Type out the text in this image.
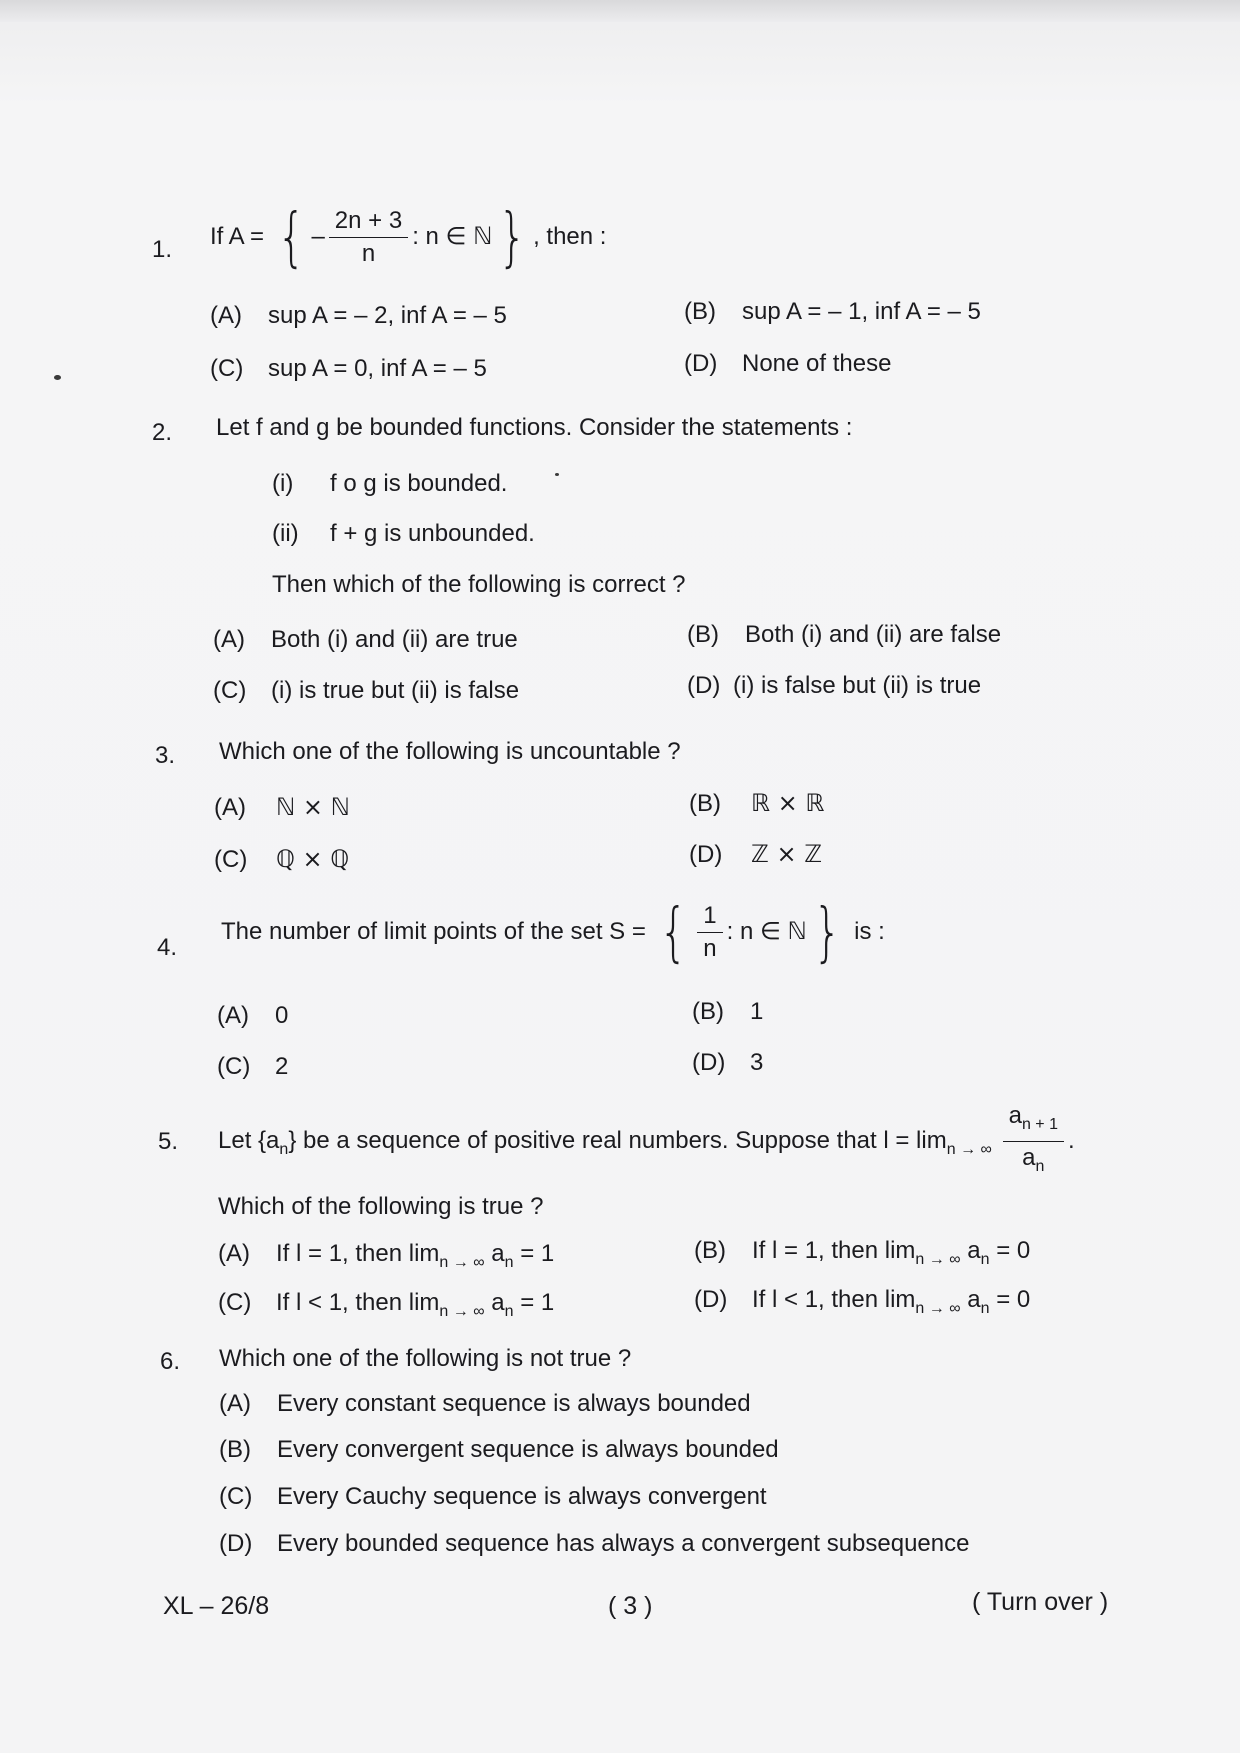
1. If A = { – $\frac{2n + 3}{n}$ : n ∈ ℕ} , then :
(A) sup A = – 2, inf A = – 5	(B) sup A = – 1, inf A = – 5
(C) sup A = 0, inf A = – 5	(D) None of these
2. Let f and g be bounded functions. Consider the statements :
(i) f o g is bounded.
(ii) f + g is unbounded.
Then which of the following is correct ?
(A) Both (i) and (ii) are true	(B) Both (i) and (ii) are false
(C) (i) is true but (ii) is false	(D) (i) is false but (ii) is true
3. Which one of the following is uncountable ?
(A) ℕ × ℕ	(B) ℝ × ℝ
(C) ℚ × ℚ	(D) ℤ × ℤ
4.
The number of limit points of the set S = { $\frac{1}{n}$ : n ∈ ℕ} is :
(A) 0	(B) 1
(C) 2	(D) 3
5. Let $\{a_n\}$ be a sequence of positive real numbers. Suppose that $l = \lim_{n \to \infty} \frac{a_{n + 1}}{a_n}$ .
Which of the following is true ?
(A) If l = 1, then $\lim_{n \to \infty} a_n = 1$	(B) If l = 1, then $\lim_{n \to \infty} a_n = 0$
(C) If l < 1, then $\lim_{n \to \infty} a_n = 1$	(D) If l < 1, then $\lim_{n \to \infty} a_n = 0$
6. Which one of the following is not true ?
(A) Every constant sequence is always bounded
(B) Every convergent sequence is always bounded
(C) Every Cauchy sequence is always convergent
(D) Every bounded sequence has always a convergent subsequence
XL – 26/8	( 3 )	( Turn over )
